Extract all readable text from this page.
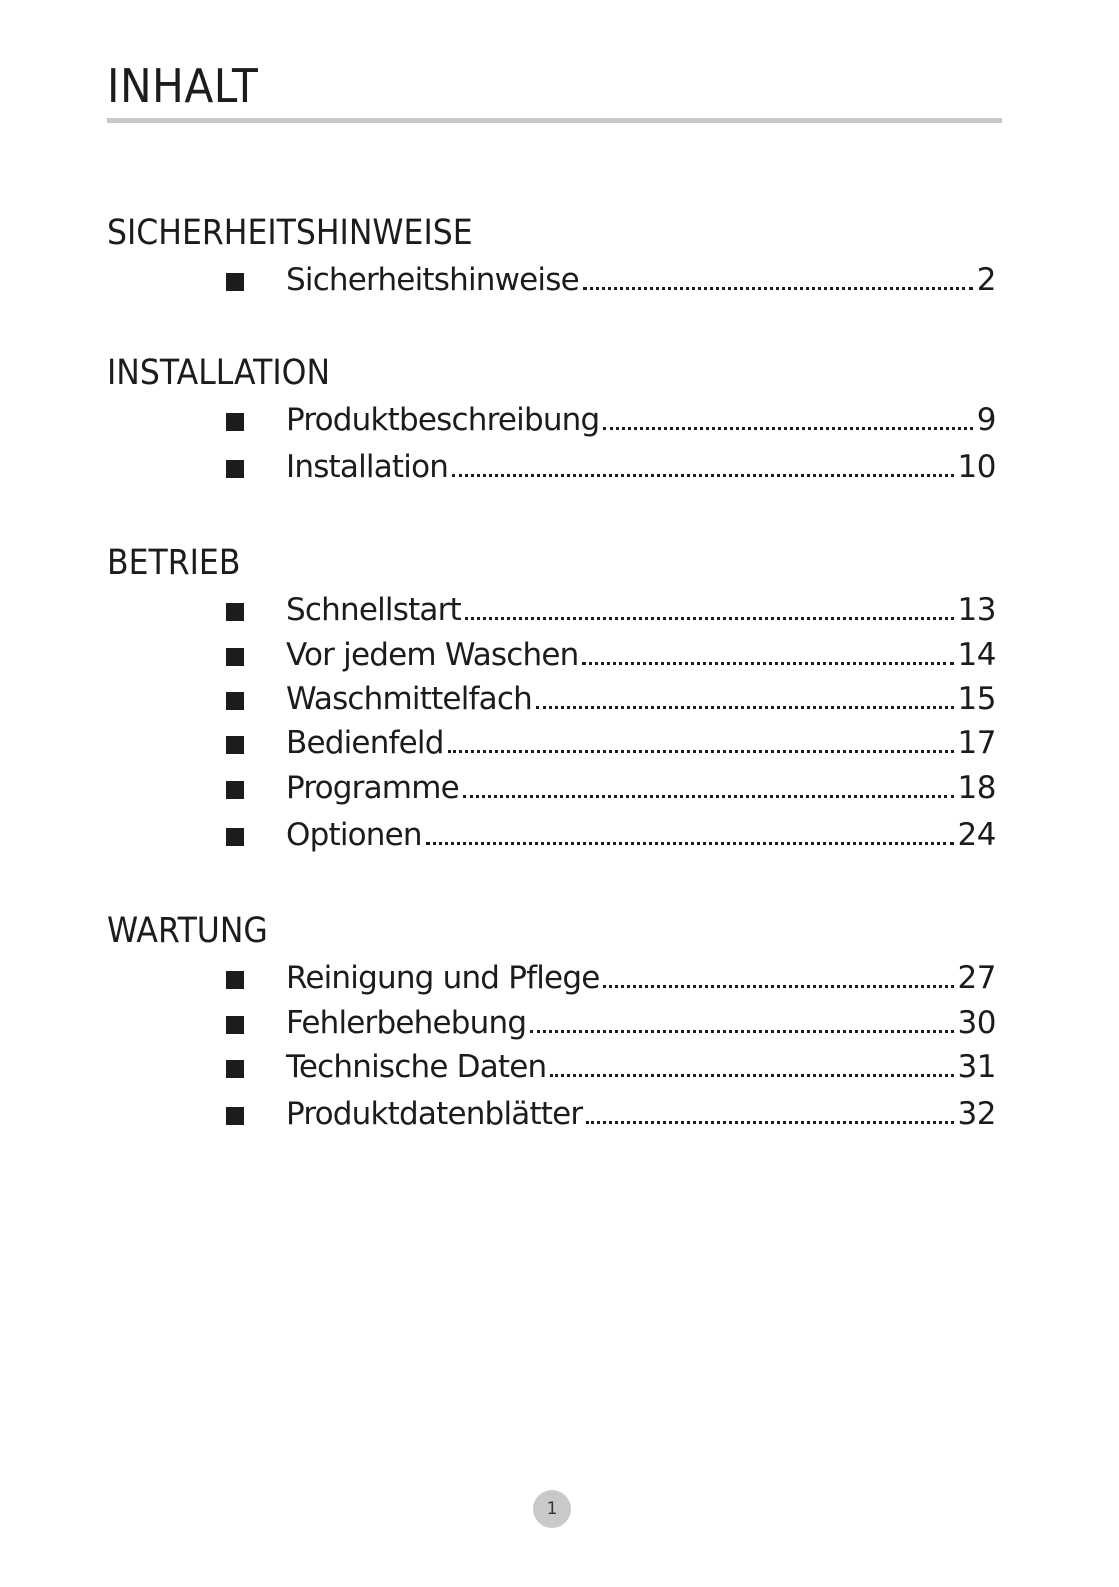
INHALT
SICHERHEITSHINWEISE
Sicherheitshinweise	2
INSTALLATION
Produktbeschreibung	9
Installation	10
BETRIEB
Schnellstart	13
Vor jedem Waschen	14
Waschmittelfach	15
Bedienfeld	17
Programme	18
Optionen	24
WARTUNG
Reinigung und Pflege	27
Fehlerbehebung	30
Technische Daten	31
Produktdatenblätter	32
1
